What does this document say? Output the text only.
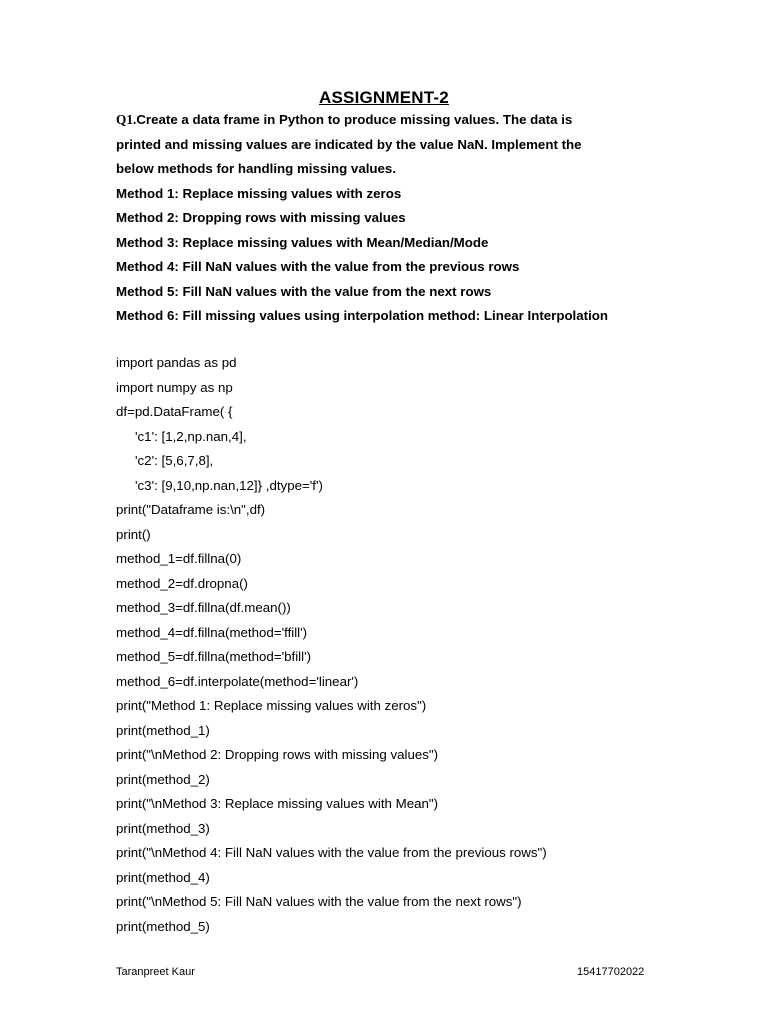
ASSIGNMENT-2
Q1.Create a data frame in Python to produce missing values. The data is
printed and missing values are indicated by the value NaN. Implement the
below methods for handling missing values.
Method 1: Replace missing values with zeros
Method 2: Dropping rows with missing values
Method 3: Replace missing values with Mean/Median/Mode
Method 4: Fill NaN values with the value from the previous rows
Method 5: Fill NaN values with the value from the next rows
Method 6: Fill missing values using interpolation method: Linear Interpolation
import pandas as pd
import numpy as np
df=pd.DataFrame( {
'c1': [1,2,np.nan,4],
'c2': [5,6,7,8],
'c3': [9,10,np.nan,12]} ,dtype='f')
print("Dataframe is:\n",df)
print()
method_1=df.fillna(0)
method_2=df.dropna()
method_3=df.fillna(df.mean())
method_4=df.fillna(method='ffill')
method_5=df.fillna(method='bfill')
method_6=df.interpolate(method='linear')
print("Method 1: Replace missing values with zeros")
print(method_1)
print("\nMethod 2: Dropping rows with missing values")
print(method_2)
print("\nMethod 3: Replace missing values with Mean")
print(method_3)
print("\nMethod 4: Fill NaN values with the value from the previous rows")
print(method_4)
print("\nMethod 5: Fill NaN values with the value from the next rows")
print(method_5)
Taranpreet Kaur	15417702022
